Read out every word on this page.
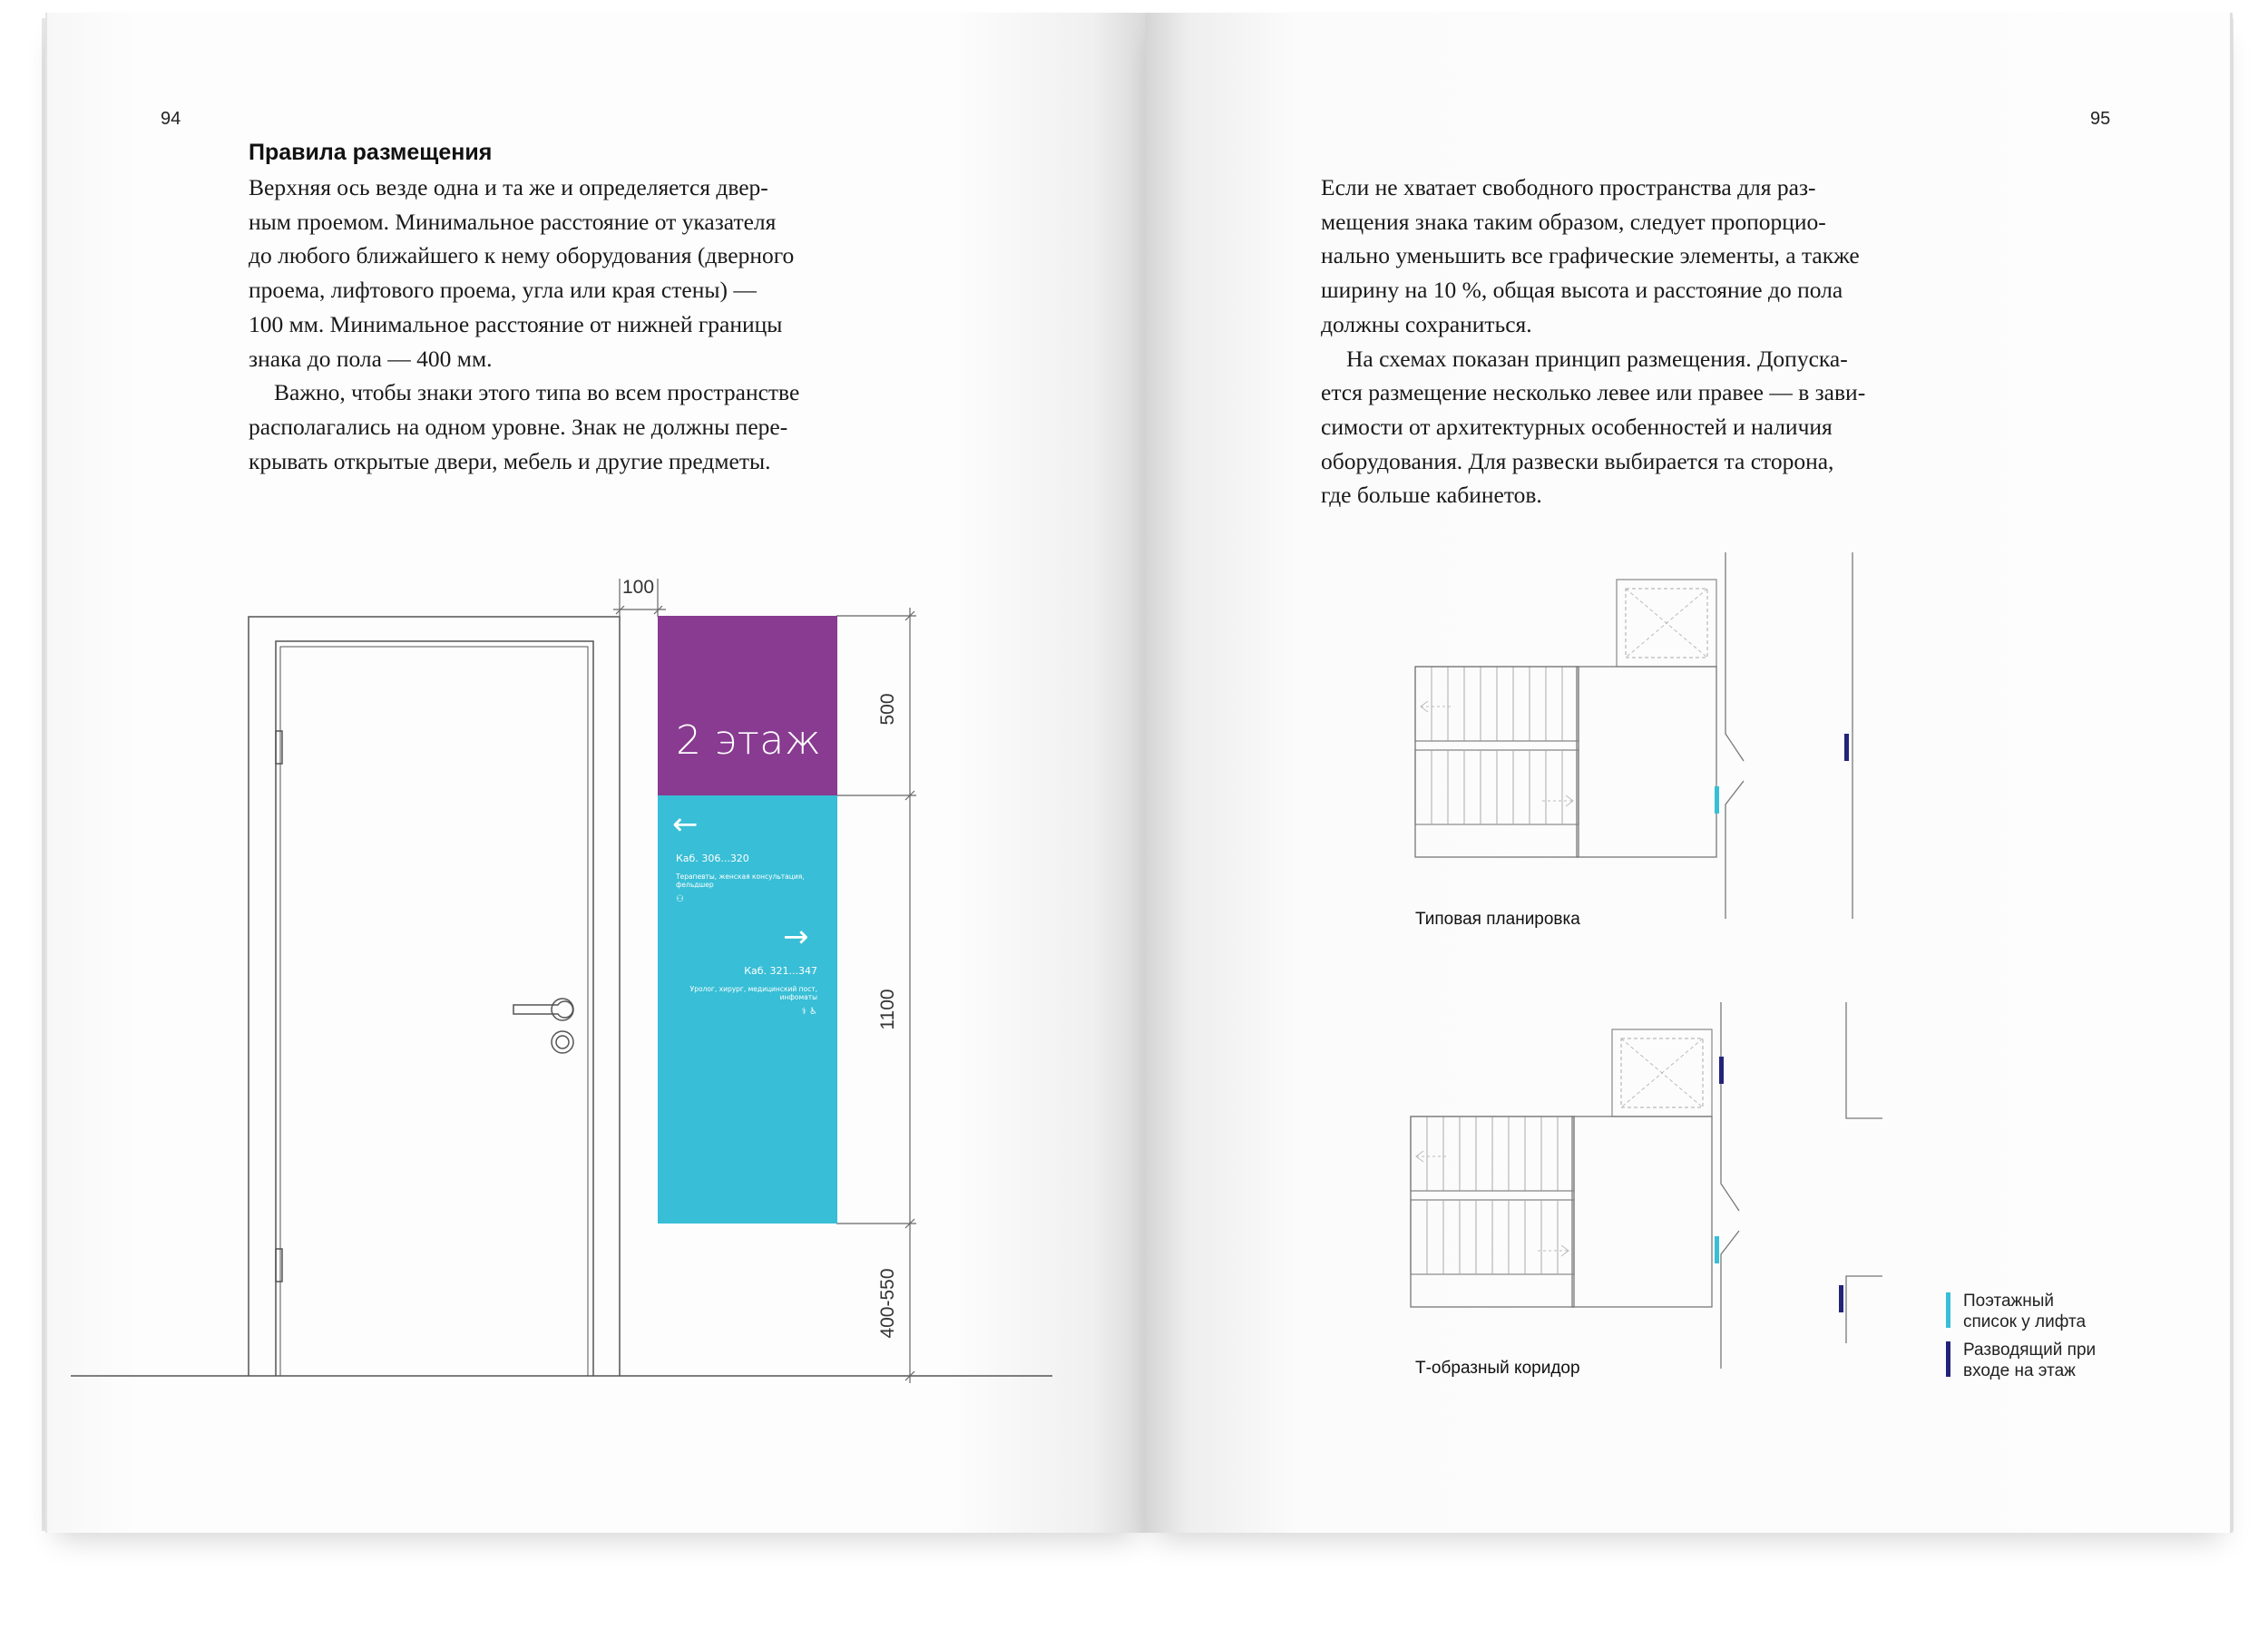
94
Правила размещения
Верхняя ось везде одна и та же и определяется двер-
ным проемом. Минимальное расстояние от указателя
до любого ближайшего к нему оборудования (дверного
проема, лифтового проема, угла или края стены) —
100 мм. Минимальное расстояние от нижней границы
знака до пола — 400 мм.
Важно, чтобы знаки этого типа во всем пространстве
располагались на одном уровне. Знак не должны пере-
крывать открытые двери, мебель и другие предметы.
100
500
1100
400-550
2 этаж
←
Каб. 306...320
Терапевты, женская консультация,
фельдшер
⚇
→
Каб. 321...347
Уролог, хирург, медицинский пост,
инфоматы
⚕ ♿
95
Если не хватает свободного пространства для раз-
мещения знака таким образом, следует пропорцио-
нально уменьшить все графические элементы, а также
ширину на 10 %, общая высота и расстояние до пола
должны сохраниться.
На схемах показан принцип размещения. Допуска-
ется размещение несколько левее или правее — в зави-
симости от архитектурных особенностей и наличия
оборудования. Для развески выбирается та сторона,
где больше кабинетов.
Типовая планировка
Т-образный коридор
Поэтажный
список у лифта
Разводящий при
входе на этаж
